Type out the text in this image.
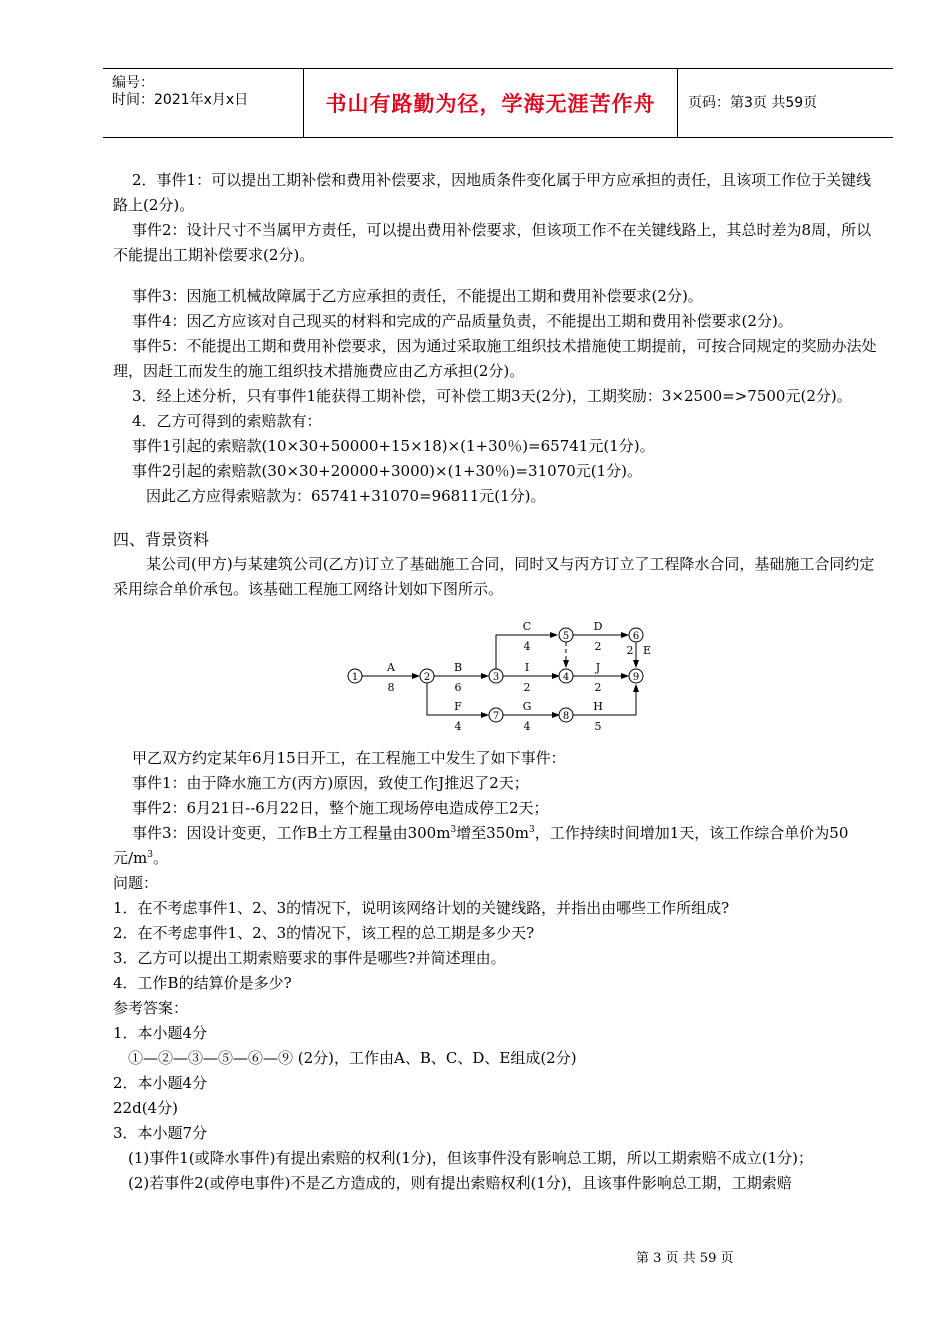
编号：
时间：2021年x月x日	书山有路勤为径，学海无涯苦作舟 页码：第3页 共59页

2．事件1：可以提出工期补偿和费用补偿要求，因地质条件变化属于甲方应承担的责任，且该项工作位于关键线路上(2分)。

事件2：设计尺寸不当属甲方责任，可以提出费用补偿要求，但该项工作不在关键线路上，其总时差为8周，所以不能提出工期补偿要求(2分)。

事件3：因施工机械故障属于乙方应承担的责任，不能提出工期和费用补偿要求(2分)。

事件4：因乙方应该对自己现买的材料和完成的产品质量负责，不能提出工期和费用补偿要求(2分)。

事件5：不能提出工期和费用补偿要求，因为通过采取施工组织技术措施使工期提前，可按合同规定的奖励办法处理，因赶工而发生的施工组织技术措施费应由乙方承担(2分)。

3．经上述分析，只有事件1能获得工期补偿，可补偿工期3天(2分)，工期奖励：3×2500=>7500元(2分)。

4．乙方可得到的索赔款有：

事件1引起的索赔款(10×30+50000+15×18)×(1+30％)=65741元(1分)。

事件2引起的索赔款(30×30+20000+3000)×(1+30％)=31070元(1分)。

因此乙方应得索赔款为：65741+31070=96811元(1分)。

四、背景资料

某公司(甲方)与某建筑公司(乙方)订立了基础施工合同，同时又与丙方订立了工程降水合同，基础施工合同约定采用综合单价承包。该基础工程施工网络计划如下图所示。

1	2	3	4
5	6
7	8
9
A
8
B
6
C
4
D
2	E
2
I
2
J
2
F
4
G
4
H
5

甲乙双方约定某年6月15日开工，在工程施工中发生了如下事件：

事件1：由于降水施工方(丙方)原因，致使工作J推迟了2天；

事件2：6月21日--6月22日，整个施工现场停电造成停工2天；

事件3：因设计变更，工作B土方工程量由$300m^3$增至$350m^3$，工作持续时间增加1天，该工作综合单价为50元$/m^3$。

问题：

1．在不考虑事件1、2、3的情况下，说明该网络计划的关键线路，并指出由哪些工作所组成?

2．在不考虑事件1、2、3的情况下，该工程的总工期是多少天?

3．乙方可以提出工期索赔要求的事件是哪些?并简述理由。

4．工作B的结算价是多少?

参考答案：

1．本小题4分

①—②—③—⑤—⑥—⑨ (2分)，工作由A、B、C、D、E组成(2分)

2．本小题4分

22d(4分)

3．本小题7分

(1)事件1(或降水事件)有提出索赔的权利(1分)，但该事件没有影响总工期，所以工期索赔不成立(1分)；

(2)若事件2(或停电事件)不是乙方造成的，则有提出索赔权利(1分)，且该事件影响总工期，工期索赔

第 3 页 共 59 页
